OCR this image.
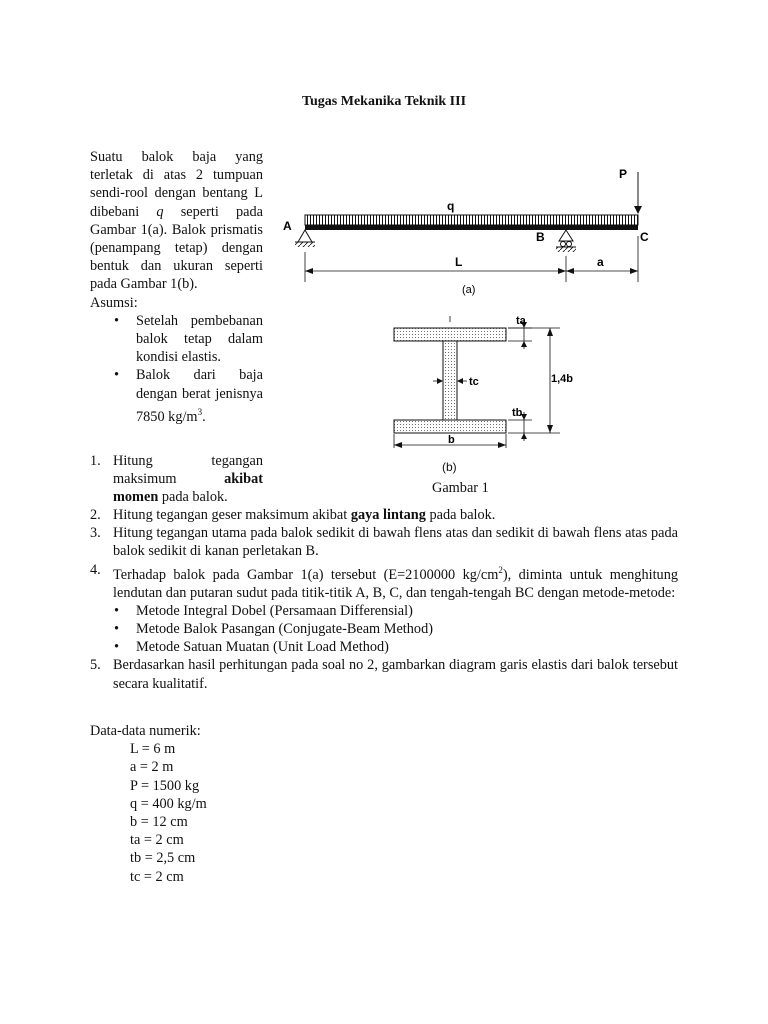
Tugas Mekanika Teknik III

Suatu balok baja yang terletak di atas 2 tumpuan sendi-rool dengan bentang L dibebani q seperti pada Gambar 1(a). Balok prismatis (penampang tetap) dengan bentuk dan ukuran seperti pada Gambar 1(b).

Asumsi:

• Setelah pembebanan balok tetap dalam kondisi elastis.
• Balok dari baja dengan berat jenisnya 7850 $kg/m^3$.
1. Hitung tegangan maksimum akibat momen pada balok.
2. Hitung tegangan geser maksimum akibat gaya lintang pada balok.
3. Hitung tegangan utama pada balok sedikit di bawah flens atas dan sedikit di bawah flens atas pada balok sedikit di kanan perletakan B.
4. Terhadap balok pada Gambar 1(a) tersebut (E=2100000 $kg/cm^2$), diminta untuk menghitung lendutan dan putaran sudut pada titik-titik A, B, C, dan tengah-tengah BC dengan metode-metode:
• Metode Integral Dobel (Persamaan Differensial)
• Metode Balok Pasangan (Conjugate-Beam Method)
• Metode Satuan Muatan (Unit Load Method)
5. Berdasarkan hasil perhitungan pada soal no 2, gambarkan diagram garis elastis dari balok tersebut secara kualitatif.
Data-data numerik:
L = 6 m
a = 2 m
P = 1500 kg
q = 400 kg/m
b = 12 cm
ta = 2 cm
tb = 2,5 cm
tc = 2 cm
q
P
A
B	C
L	a
(a)
ta
tb
1,4b
tc
b
(b)
Gambar 1
